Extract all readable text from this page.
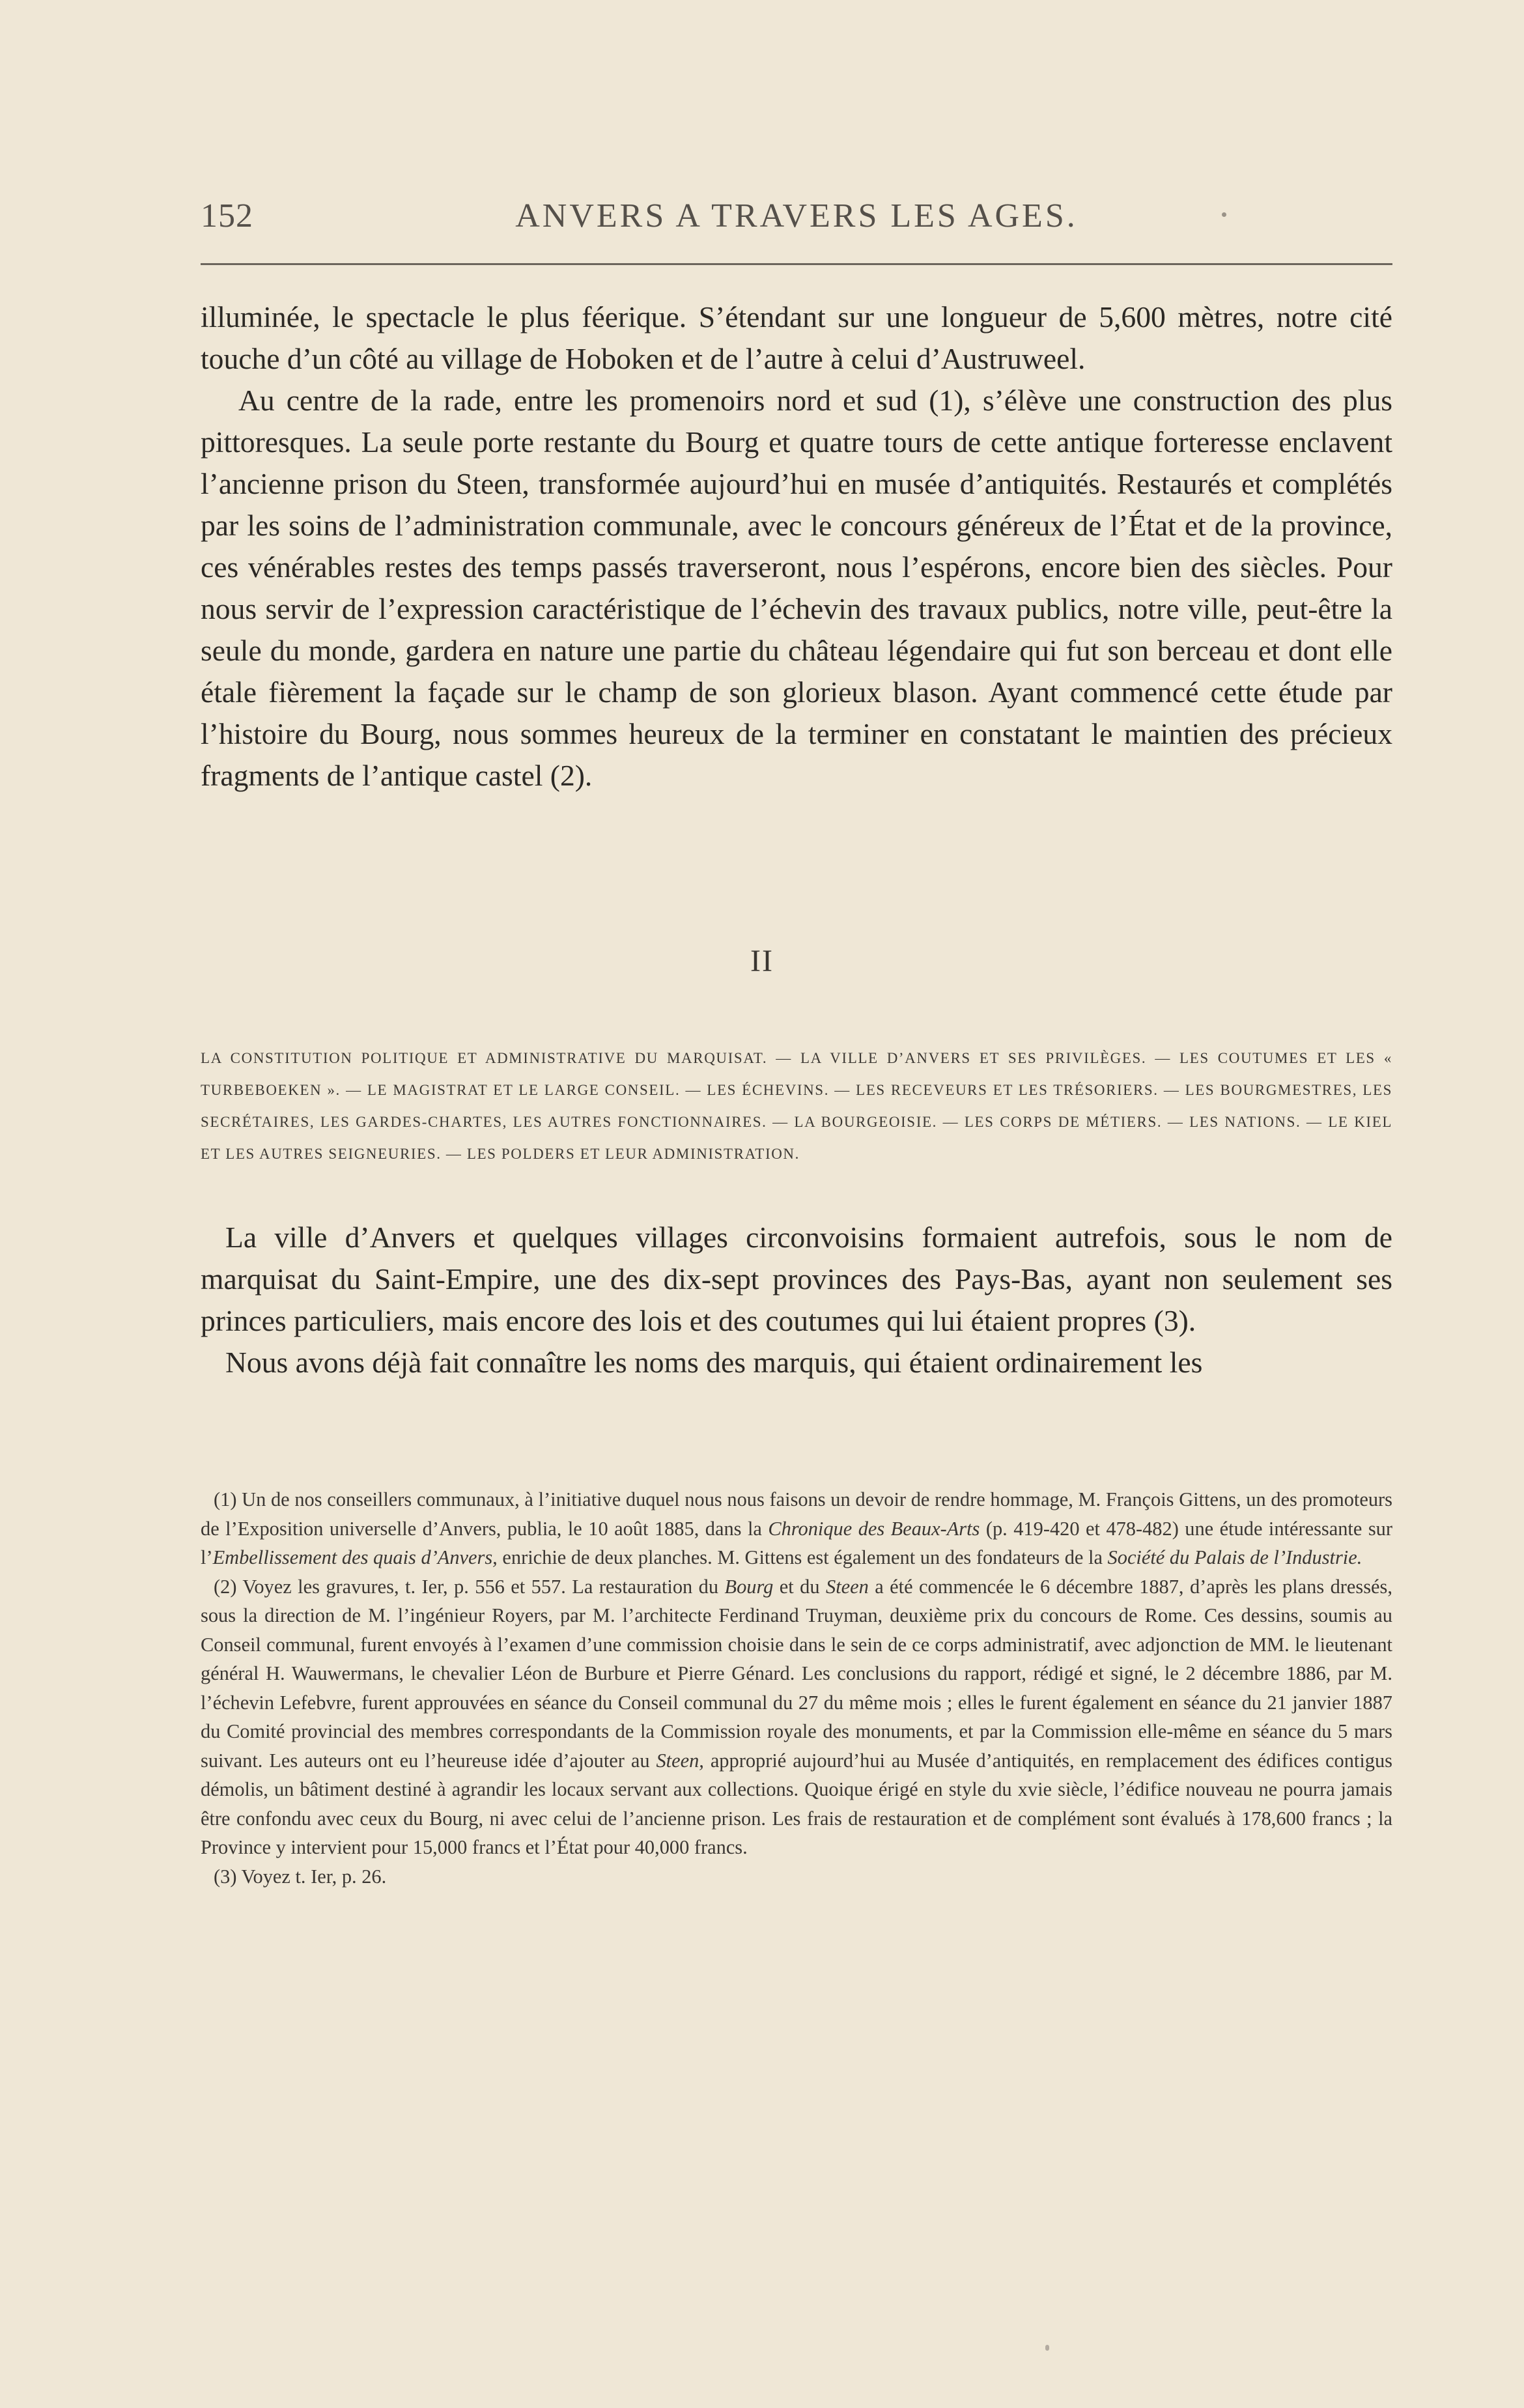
152	ANVERS A TRAVERS LES AGES.

illuminée, le spectacle le plus féerique. S’étendant sur une longueur de 5,600 mètres, notre cité touche d’un côté au village de Hoboken et de l’autre à celui d’Austruweel.

Au centre de la rade, entre les promenoirs nord et sud (1), s’élève une construction des plus pittoresques. La seule porte restante du Bourg et quatre tours de cette antique forteresse enclavent l’ancienne prison du Steen, transformée aujourd’hui en musée d’antiquités. Restaurés et complétés par les soins de l’administration communale, avec le concours généreux de l’État et de la province, ces vénérables restes des temps passés traverseront, nous l’espérons, encore bien des siècles. Pour nous servir de l’expression caractéristique de l’échevin des travaux publics, notre ville, peut-être la seule du monde, gardera en nature une partie du château légendaire qui fut son berceau et dont elle étale fièrement la façade sur le champ de son glorieux blason. Ayant commencé cette étude par l’histoire du Bourg, nous sommes heureux de la terminer en constatant le maintien des précieux fragments de l’antique castel (2).

II

LA CONSTITUTION POLITIQUE ET ADMINISTRATIVE DU MARQUISAT. — LA VILLE D’ANVERS ET SES PRIVILÈGES. — LES COUTUMES ET LES « TURBEBOEKEN ». — LE MAGISTRAT ET LE LARGE CONSEIL. — LES ÉCHEVINS. — LES RECEVEURS ET LES TRÉSORIERS. — LES BOURGMESTRES, LES SECRÉTAIRES, LES GARDES-CHARTES, LES AUTRES FONCTIONNAIRES. — LA BOURGEOISIE. — LES CORPS DE MÉTIERS. — LES NATIONS. — LE KIEL ET LES AUTRES SEIGNEURIES. — LES POLDERS ET LEUR ADMINISTRATION.

La ville d’Anvers et quelques villages circonvoisins formaient autrefois, sous le nom de marquisat du Saint-Empire, une des dix-sept provinces des Pays-Bas, ayant non seulement ses princes particuliers, mais encore des lois et des coutumes qui lui étaient propres (3).

Nous avons déjà fait connaître les noms des marquis, qui étaient ordinairement les

(1) Un de nos conseillers communaux, à l’initiative duquel nous nous faisons un devoir de rendre hommage, M. François Gittens, un des promoteurs de l’Exposition universelle d’Anvers, publia, le 10 août 1885, dans la Chronique des Beaux-Arts (p. 419-420 et 478-482) une étude intéressante sur l’Embellissement des quais d’Anvers, enrichie de deux planches. M. Gittens est également un des fondateurs de la Société du Palais de l’Industrie.

(2) Voyez les gravures, t. Ier, p. 556 et 557. La restauration du Bourg et du Steen a été commencée le 6 décembre 1887, d’après les plans dressés, sous la direction de M. l’ingénieur Royers, par M. l’architecte Ferdinand Truyman, deuxième prix du concours de Rome. Ces dessins, soumis au Conseil communal, furent envoyés à l’examen d’une commission choisie dans le sein de ce corps administratif, avec adjonction de MM. le lieutenant général H. Wauwermans, le chevalier Léon de Burbure et Pierre Génard. Les conclusions du rapport, rédigé et signé, le 2 décembre 1886, par M. l’échevin Lefebvre, furent approuvées en séance du Conseil communal du 27 du même mois ; elles le furent également en séance du 21 janvier 1887 du Comité provincial des membres correspondants de la Commission royale des monuments, et par la Commission elle-même en séance du 5 mars suivant. Les auteurs ont eu l’heureuse idée d’ajouter au Steen, approprié aujourd’hui au Musée d’antiquités, en remplacement des édifices contigus démolis, un bâtiment destiné à agrandir les locaux servant aux collections. Quoique érigé en style du xvie siècle, l’édifice nouveau ne pourra jamais être confondu avec ceux du Bourg, ni avec celui de l’ancienne prison. Les frais de restauration et de complément sont évalués à 178,600 francs ; la Province y intervient pour 15,000 francs et l’État pour 40,000 francs.

(3) Voyez t. Ier, p. 26.
